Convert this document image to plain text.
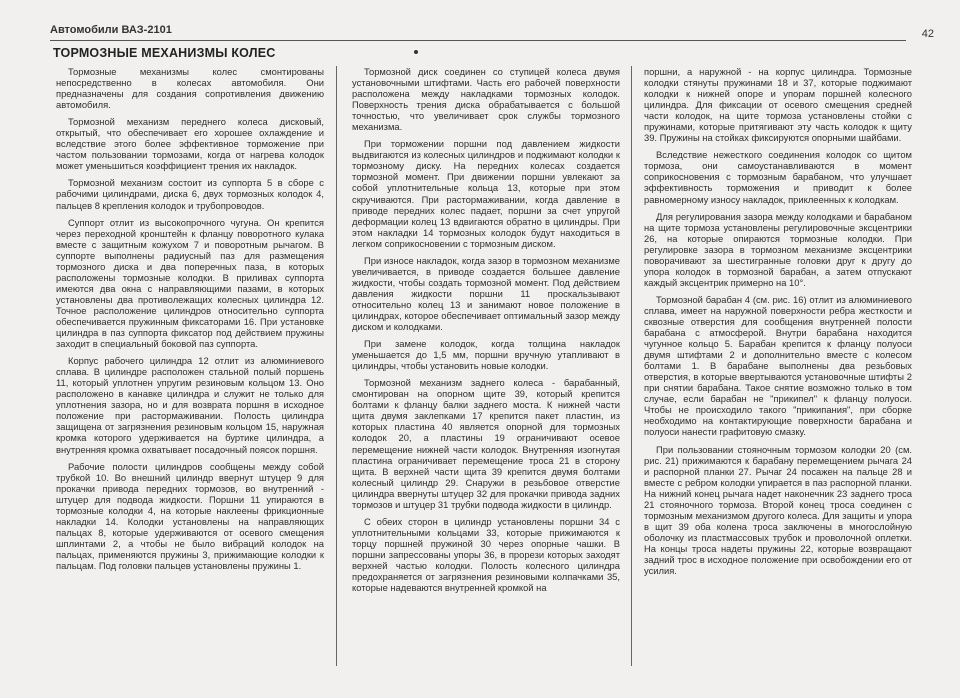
Автомобили ВАЗ-2101	42
ТОРМОЗНЫЕ МЕХАНИЗМЫ КОЛЕС

Тормозные механизмы колес смонтированы непосредственно в колесах автомобиля. Они предназначены для создания сопротивления движению автомобиля.

Тормозной механизм переднего колеса дисковый, открытый, что обеспечивает его хорошее охлаждение и вследствие этого более эффективное торможение при частом пользовании тормозами, когда от нагрева колодок может уменьшиться коэффициент трения их накладок.

Тормозной механизм состоит из суппорта 5 в сборе с рабочими цилиндрами, диска 6, двух тормозных колодок 4, пальцев 8 крепления колодок и трубопроводов.

Суппорт отлит из высокопрочного чугуна. Он крепится через переходной кронштейн к фланцу поворотного кулака вместе с защитным кожухом 7 и поворотным рычагом. В суппорте выполнены радиусный паз для размещения тормозного диска и два поперечных паза, в которых расположены тормозные колодки. В приливах суппорта имеются два окна с направляющими пазами, в которых установлены два противолежащих колесных цилиндра 12. Точное расположение цилиндров относительно суппорта обеспечивается пружинным фиксаторами 16. При установке цилиндра в паз суппорта фиксатор под действием пружины заходит в специальный боковой паз суппорта.

Корпус рабочего цилиндра 12 отлит из алюминиевого сплава. В цилиндре расположен стальной полый поршень 11, который уплотнен упругим резиновым кольцом 13. Оно расположено в канавке цилиндра и служит не только для уплотнения зазора, но и для возврата поршня в исходное положение при растормаживании. Полость цилиндра защищена от загрязнения резиновым кольцом 15, наружная кромка которого удерживается на буртике цилиндра, а внутренняя кромка охватывает посадочный поясок поршня.

Рабочие полости цилиндров сообщены между собой трубкой 10. Во внешний цилиндр ввернут штуцер 9 для прокачки привода передних тормозов, во внутренний - штуцер для подвода жидкости. Поршни 11 упираются в тормозные колодки 4, на которые наклеены фрикционные накладки 14. Колодки установлены на направляющих пальцах 8, которые удерживаются от осевого смещения шплинтами 2, а чтобы не было вибраций колодок на пальцах, применяются пружины 3, прижимающие колодки к пальцам. Под головки пальцев установлены пружины 1.

Тормозной диск соединен со ступицей колеса двумя установочными штифтами. Часть его рабочей поверхности расположена между накладками тормозных колодок. Поверхность трения диска обрабатывается с большой точностью, что увеличивает срок службы тормозного механизма.

При торможении поршни под давлением жидкости выдвигаются из колесных цилиндров и поджимают колодки к тормозному диску. На передних колесах создается тормозной момент. При движении поршни увлекают за собой уплотнительные кольца 13, которые при этом скручиваются. При растормаживании, когда давление в приводе передних колес падает, поршни за счет упругой деформации колец 13 вдвигаются обратно в цилиндры. При этом накладки 14 тормозных колодок будут находиться в легком соприкосновении с тормозным диском.

При износе накладок, когда зазор в тормозном механизме увеличивается, в приводе создается большее давление жидкости, чтобы создать тормозной момент. Под действием давления жидкости поршни 11 проскальзывают относительно колец 13 и занимают новое положение в цилиндрах, которое обеспечивает оптимальный зазор между диском и колодками.

При замене колодок, когда толщина накладок уменьшается до 1,5 мм, поршни вручную утапливают в цилиндры, чтобы установить новые колодки.

Тормозной механизм заднего колеса - барабанный, смонтирован на опорном щите 39, который крепится болтами к фланцу балки заднего моста. К нижней части щита двумя заклепками 17 крепится пакет пластин, из которых пластина 40 является опорной для тормозных колодок 20, а пластины 19 ограничивают осевое перемещение нижней части колодок. Внутренняя изогнутая пластина ограничивает перемещение троса 21 в сторону щита. В верхней части щита 39 крепится двумя болтами колесный цилиндр 29. Снаружи в резьбовое отверстие цилиндра ввернуты штуцер 32 для прокачки привода задних тормозов и штуцер 31 трубки подвода жидкости в цилиндр.

С обеих сторон в цилиндр установлены поршни 34 с уплотнительными кольцами 33, которые прижимаются к торцу поршней пружиной 30 через опорные чашки. В поршни запрессованы упоры 36, в прорези которых заходят верхней частью колодки. Полость колесного цилиндра предохраняется от загрязнения резиновыми колпачками 35, которые надеваются внутренней кромкой на

поршни, а наружной - на корпус цилиндра. Тормозные колодки стянуты пружинами 18 и 37, которые поджимают колодки к нижней опоре и упорам поршней колесного цилиндра. Для фиксации от осевого смещения средней части колодок, на щите тормоза установлены стойки с пружинами, которые притягивают эту часть колодок к щиту 39. Пружины на стойках фиксируются опорными шайбами.

Вследствие нежесткого соединения колодок со щитом тормоза, они самоустанавливаются в момент соприкосновения с тормозным барабаном, что улучшает эффективность торможения и приводит к более равномерному износу накладок, приклеенных к колодкам.

Для регулирования зазора между колодками и барабаном на щите тормоза установлены регулировочные эксцентрики 26, на которые опираются тормозные колодки. При регулировке зазора в тормозном механизме эксцентрики поворачивают за шестигранные головки друг к другу до упора колодок в тормозной барабан, а затем отпускают каждый эксцентрик примерно на 10°.

Тормозной барабан 4 (см. рис. 16) отлит из алюминиевого сплава, имеет на наружной поверхности ребра жесткости и сквозные отверстия для сообщения внутренней полости барабана с атмосферой. Внутри барабана находится чугунное кольцо 5. Барабан крепится к фланцу полуоси двумя штифтами 2 и дополнительно вместе с колесом болтами 1. В барабане выполнены два резьбовых отверстия, в которые ввертываются установочные штифты 2 при снятии барабана. Такое снятие возможно только в том случае, если барабан не "прикипел" к фланцу полуоси. Чтобы не происходило такого "прикипания", при сборке необходимо на контактирующие поверхности барабана и полуоси нанести графитовую смазку.

При пользовании стояночным тормозом колодки 20 (см. рис. 21) прижимаются к барабану перемещением рычага 24 и распорной планки 27. Рычаг 24 посажен на пальце 28 и вместе с ребром колодки упирается в паз распорной планки. На нижний конец рычага надет наконечник 23 заднего троса 21 стояночного тормоза. Второй конец троса соединен с тормозным механизмом другого колеса. Для защиты и упора в щит 39 оба колена троса заключены в многослойную оболочку из пластмассовых трубок и проволочной оплетки. На концы троса надеты пружины 22, которые возвращают задний трос в исходное положение при освобождении его от усилия.
